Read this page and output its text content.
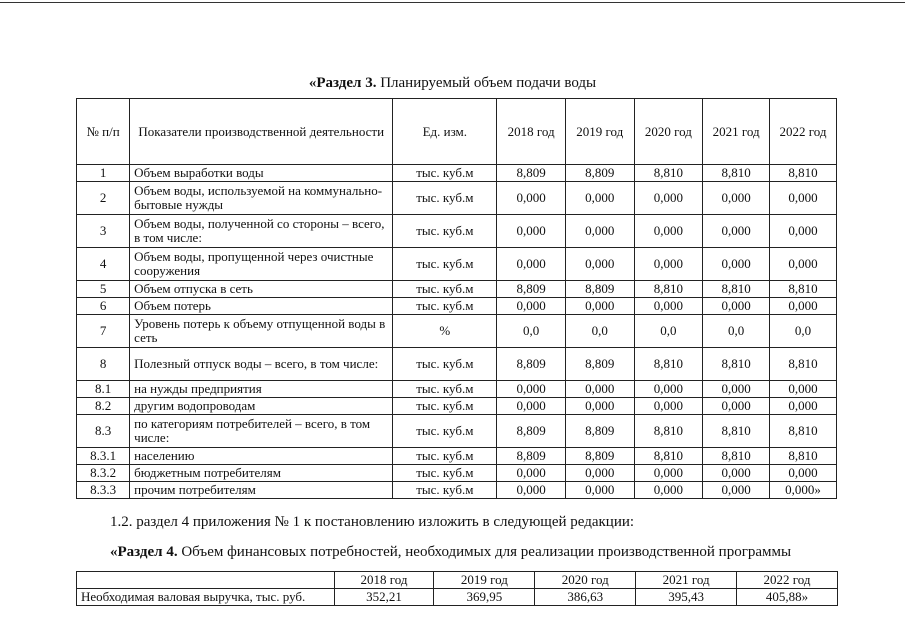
«Раздел 3. Планируемый объем подачи воды
№ п/п	Показатели производственной деятельности	Ед. изм.	2018 год	2019 год	2020 год	2021 год	2022 год
1	Объем выработки воды	тыс. куб.м	8,809	8,809	8,810	8,810	8,810
2	Объем воды, используемой на коммунально-бытовые нужды	тыс. куб.м	0,000	0,000	0,000	0,000	0,000
3	Объем воды, полученной со стороны – всего, в том числе:	тыс. куб.м	0,000	0,000	0,000	0,000	0,000
4	Объем воды, пропущенной через очистные сооружения	тыс. куб.м	0,000	0,000	0,000	0,000	0,000
5	Объем отпуска в сеть	тыс. куб.м	8,809	8,809	8,810	8,810	8,810
6	Объем потерь	тыс. куб.м	0,000	0,000	0,000	0,000	0,000
7	Уровень потерь к объему отпущенной воды в сеть	%	0,0	0,0	0,0	0,0	0,0
8	Полезный отпуск воды – всего, в том числе:	тыс. куб.м	8,809	8,809	8,810	8,810	8,810
8.1	на нужды предприятия	тыс. куб.м	0,000	0,000	0,000	0,000	0,000
8.2	другим водопроводам	тыс. куб.м	0,000	0,000	0,000	0,000	0,000
8.3	по категориям потребителей – всего, в том числе:	тыс. куб.м	8,809	8,809	8,810	8,810	8,810
8.3.1	населению	тыс. куб.м	8,809	8,809	8,810	8,810	8,810
8.3.2	бюджетным потребителям	тыс. куб.м	0,000	0,000	0,000	0,000	0,000
8.3.3	прочим потребителям	тыс. куб.м	0,000	0,000	0,000	0,000	0,000»
1.2. раздел 4 приложения № 1 к постановлению изложить в следующей редакции:
«Раздел 4. Объем финансовых потребностей, необходимых для реализации производственной программы
	2018 год	2019 год	2020 год	2021 год	2022 год
Необходимая валовая выручка, тыс. руб.	352,21	369,95	386,63	395,43	405,88»
